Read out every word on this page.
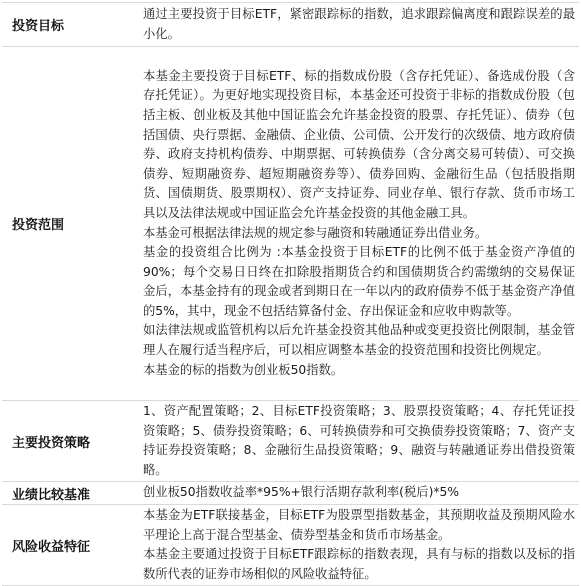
投资目标	通过主要投资于目标ETF，紧密跟踪标的指数，追求跟踪偏离度和跟踪误差的最小化。

投资范围	本基金主要投资于目标ETF、标的指数成份股（含存托凭证）、备选成份股（含存托凭证）。为更好地实现投资目标，本基金还可投资于非标的指数成份股（包括主板、创业板及其他中国证监会允许基金投资的股票、存托凭证）、债券（包括国债、央行票据、金融债、企业债、公司债、公开发行的次级债、地方政府债券、政府支持机构债券、中期票据、可转换债券（含分离交易可转债）、可交换债券、短期融资券、超短期融资券等）、债券回购、金融衍生品（包括股指期货、国债期货、股票期权）、资产支持证券、同业存单、银行存款、货币市场工具以及法律法规或中国证监会允许基金投资的其他金融工具。
本基金可根据法律法规的规定参与融资和转融通证券出借业务。
基金的投资组合比例为 :本基金投资于目标ETF的比例不低于基金资产净值的90%；每个交易日日终在扣除股指期货合约和国债期货合约需缴纳的交易保证金后，本基金持有的现金或者到期日在一年以内的政府债券不低于基金资产净值的5%，其中，现金不包括结算备付金、存出保证金和应收申购款等。
如法律法规或监管机构以后允许基金投资其他品种或变更投资比例限制，基金管理人在履行适当程序后，可以相应调整本基金的投资范围和投资比例规定。
本基金的标的指数为创业板50指数。

主要投资策略	1、资产配置策略；2、目标ETF投资策略；3、股票投资策略；4、存托凭证投资策略；5、债券投资策略；6、可转换债券和可交换债券投资策略；7、资产支持证券投资策略；8、金融衍生品投资策略；9、融资与转融通证券出借投资策略。

业绩比较基准	创业板50指数收益率*95%+银行活期存款利率(税后)*5%

风险收益特征	本基金为ETF联接基金，目标ETF为股票型指数基金，其预期收益及预期风险水平理论上高于混合型基金、债券型基金和货币市场基金。
本基金主要通过投资于目标ETF跟踪标的指数表现，具有与标的指数以及标的指数所代表的证券市场相似的风险收益特征。
